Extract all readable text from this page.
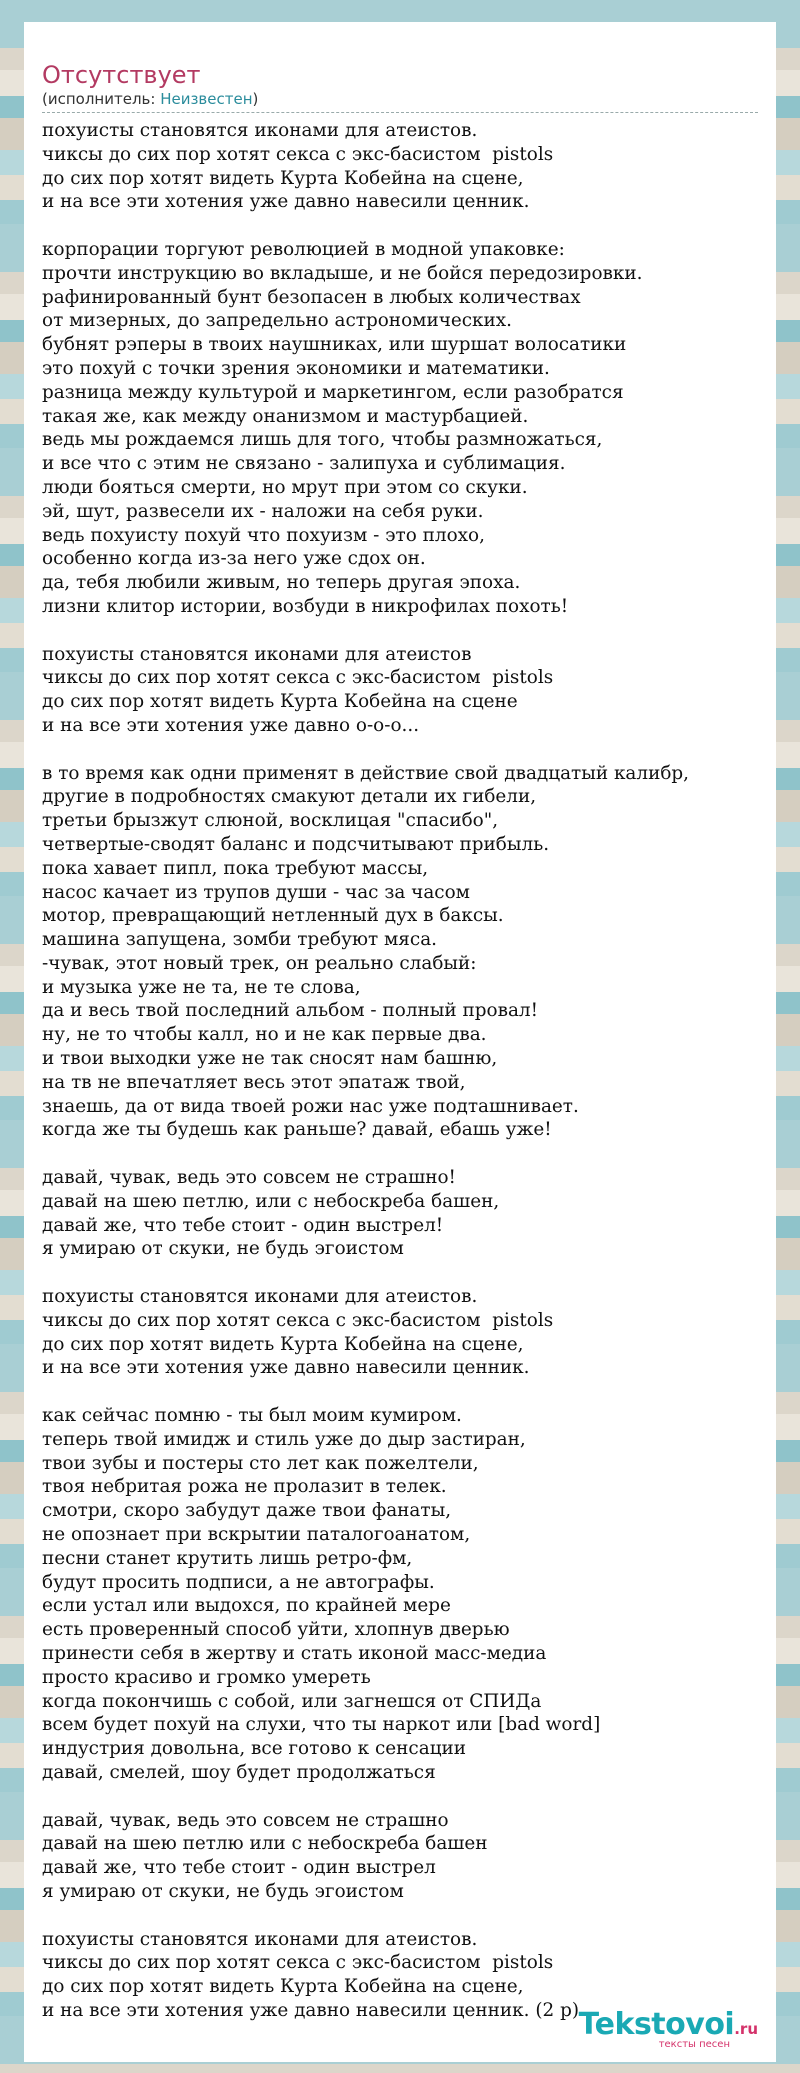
Отсутствует
(исполнитель: Неизвестен)
похуисты становятся иконами для атеистов.
чиксы до сих пор хотят секса с экс-басистом  pistols
до сих пор хотят видеть Курта Кобейна на сцене,
и на все эти хотения уже давно навесили ценник.
корпорации торгуют революцией в модной упаковке:
прочти инструкцию во вкладыше, и не бойся передозировки.
рафинированный бунт безопасен в любых количествах
от мизерных, до запредельно астрономических.
бубнят рэперы в твоих наушниках, или шуршат волосатики
это похуй с точки зрения экономики и математики.
разница между культурой и маркетингом, если разобратся
такая же, как между онанизмом и мастурбацией.
ведь мы рождаемся лишь для того, чтобы размножаться,
и все что с этим не связано - залипуха и сублимация.
люди бояться смерти, но мрут при этом со скуки.
эй, шут, развесели их - наложи на себя руки.
ведь похуисту похуй что похуизм - это плохо,
особенно когда из-за него уже сдох он.
да, тебя любили живым, но теперь другая эпоха.
лизни клитор истории, возбуди в никрофилах похоть!
похуисты становятся иконами для атеистов
чиксы до сих пор хотят секса с экс-басистом  pistols
до сих пор хотят видеть Курта Кобейна на сцене
и на все эти хотения уже давно о-о-о...
в то время как одни применят в действие свой двадцатый калибр,
другие в подробностях смакуют детали их гибели,
третьи брызжут слюной, восклицая "спасибо",
четвертые-сводят баланс и подсчитывают прибыль.
пока хавает пипл, пока требуют массы,
насос качает из трупов души - час за часом
мотор, превращающий нетленный дух в баксы.
машина запущена, зомби требуют мяса.
-чувак, этот новый трек, он реально слабый:
и музыка уже не та, не те слова,
да и весь твой последний альбом - полный провал!
ну, не то чтобы калл, но и не как первые два.
и твои выходки уже не так сносят нам башню,
на тв не впечатляет весь этот эпатаж твой,
знаешь, да от вида твоей рожи нас уже подташнивает.
когда же ты будешь как раньше? давай, ебашь уже!
давай, чувак, ведь это совсем не страшно!
давай на шею петлю, или с небоскреба башен,
давай же, что тебе стоит - один выстрел!
я умираю от скуки, не будь эгоистом
похуисты становятся иконами для атеистов.
чиксы до сих пор хотят секса с экс-басистом  pistols
до сих пор хотят видеть Курта Кобейна на сцене,
и на все эти хотения уже давно навесили ценник.
как сейчас помню - ты был моим кумиром.
теперь твой имидж и стиль уже до дыр застиран,
твои зубы и постеры сто лет как пожелтели,
твоя небритая рожа не пролазит в телек.
смотри, скоро забудут даже твои фанаты,
не опознает при вскрытии паталогоанатом,
песни станет крутить лишь ретро-фм,
будут просить подписи, а не автографы.
если устал или выдохся, по крайней мере
есть проверенный способ уйти, хлопнув дверью
принести себя в жертву и стать иконой масс-медиа
просто красиво и громко умереть
когда покончишь с собой, или загнешся от СПИДа
всем будет похуй на слухи, что ты наркот или [bad word]
индустрия довольна, все готово к сенсации
давай, смелей, шоу будет продолжаться
давай, чувак, ведь это совсем не страшно
давай на шею петлю или с небоскреба башен
давай же, что тебе стоит - один выстрел
я умираю от скуки, не будь эгоистом
похуисты становятся иконами для атеистов.
чиксы до сих пор хотят секса с экс-басистом  pistols
до сих пор хотят видеть Курта Кобейна на сцене,
и на все эти хотения уже давно навесили ценник. (2 р) Tekstovoi.ru
тексты песен
